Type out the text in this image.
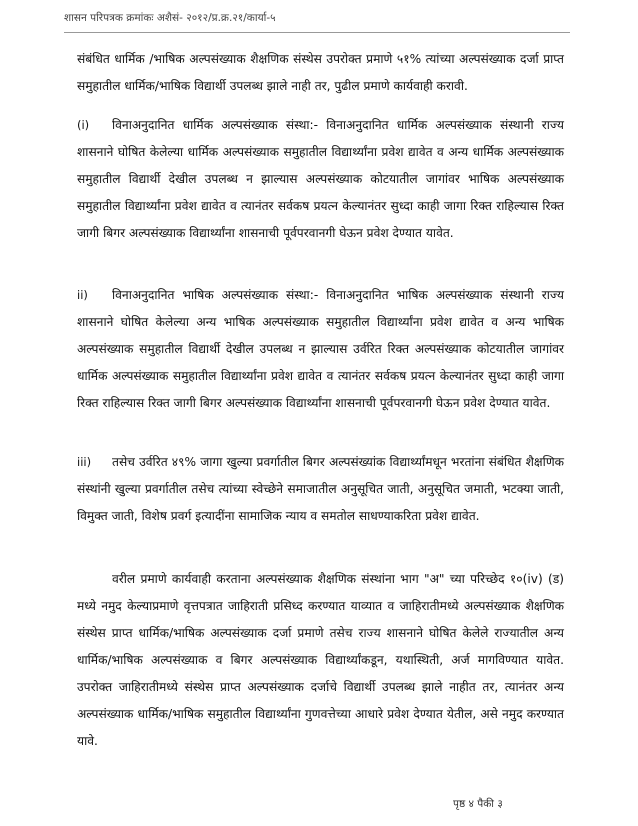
शासन परिपत्रक क्रमांकः अशैसं- २०१२/प्र.क्र.२१/कार्या-५
संबंधित धार्मिक /भाषिक अल्पसंख्याक शैक्षणिक संस्थेस उपरोक्त प्रमाणे ५१% त्यांच्या अल्पसंख्याक दर्जा प्राप्त समुहातील धार्मिक/भाषिक विद्यार्थी उपलब्ध झाले नाही तर, पुढील प्रमाणे कार्यवाही करावी.
(i)	विनाअनुदानित धार्मिक अल्पसंख्याक संस्था:- विनाअनुदानित धार्मिक अल्पसंख्याक संस्थानी राज्य शासनाने घोषित केलेल्या धार्मिक अल्पसंख्याक समुहातील विद्यार्थ्यांना प्रवेश द्यावेत व अन्य धार्मिक अल्पसंख्याक समुहातील विद्यार्थी देखील उपलब्ध न झाल्यास अल्पसंख्याक कोटयातील जागांवर भाषिक अल्पसंख्याक समुहातील विद्यार्थ्यांना प्रवेश द्यावेत व त्यानंतर सर्वकष प्रयत्न केल्यानंतर सुध्दा काही जागा रिक्त राहिल्यास रिक्त जागी बिगर अल्पसंख्याक विद्यार्थ्यांना शासनाची पूर्वपरवानगी घेऊन प्रवेश देण्यात यावेत.
ii)	विनाअनुदानित भाषिक अल्पसंख्याक संस्था:- विनाअनुदानित भाषिक अल्पसंख्याक संस्थानी राज्य शासनाने घोषित केलेल्या अन्य भाषिक अल्पसंख्याक समुहातील विद्यार्थ्यांना प्रवेश द्यावेत व अन्य भाषिक अल्पसंख्याक समुहातील विद्यार्थी देखील उपलब्ध न झाल्यास उर्वरित रिक्त अल्पसंख्याक कोटयातील जागांवर धार्मिक अल्पसंख्याक समुहातील विद्यार्थ्यांना प्रवेश द्यावेत व त्यानंतर सर्वकष प्रयत्न केल्यानंतर सुध्दा काही जागा रिक्त राहिल्यास रिक्त जागी बिगर अल्पसंख्याक विद्यार्थ्यांना शासनाची पूर्वपरवानगी घेऊन प्रवेश देण्यात यावेत.
iii)	तसेच उर्वरित ४९% जागा खुल्या प्रवर्गातील बिगर अल्पसंख्यांक विद्यार्थ्यांमधून भरतांना संबंधित शैक्षणिक संस्थांनी खुल्या प्रवर्गातील तसेच त्यांच्या स्वेच्छेने समाजातील अनुसूचित जाती, अनुसूचित जमाती, भटक्या जाती, विमुक्त जाती, विशेष प्रवर्ग इत्यादींना सामाजिक न्याय व समतोल साधण्याकरिता प्रवेश द्यावेत.
वरील प्रमाणे कार्यवाही करताना अल्पसंख्याक शैक्षणिक संस्थांना भाग "अ" च्या परिच्छेद १०(iv) (ड) मध्ये नमुद केल्याप्रमाणे वृत्तपत्रात जाहिराती प्रसिध्द करण्यात याव्यात व जाहिरातीमध्ये अल्पसंख्याक शैक्षणिक संस्थेस प्राप्त धार्मिक/भाषिक अल्पसंख्याक दर्जा प्रमाणे तसेच राज्य शासनाने घोषित केलेले राज्यातील अन्य धार्मिक/भाषिक अल्पसंख्याक व बिगर अल्पसंख्याक विद्यार्थ्यांकडून, यथास्थिती, अर्ज मागविण्यात यावेत. उपरोक्त जाहिरातीमध्ये संस्थेस प्राप्त अल्पसंख्याक दर्जाचे विद्यार्थी उपलब्ध झाले नाहीत तर, त्यानंतर अन्य अल्पसंख्याक धार्मिक/भाषिक समुहातील विद्यार्थ्यांना गुणवत्तेच्या आधारे प्रवेश देण्यात येतील, असे नमुद करण्यात यावे.
पृष्ठ ४ पैकी ३
